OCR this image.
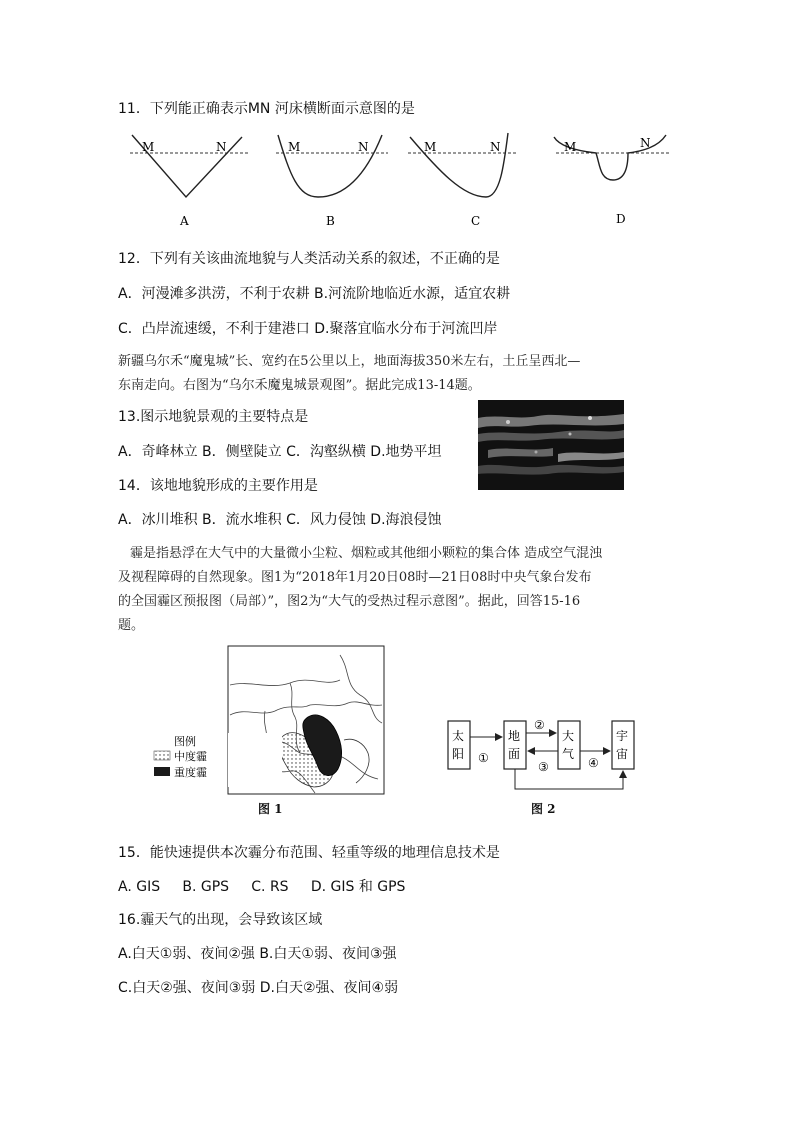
11．下列能正确表示MN 河床横断面示意图的是
M	N
A
M	N
B
M	N
C
M	N
D
12．下列有关该曲流地貌与人类活动关系的叙述，不正确的是
A．河漫滩多洪涝，不利于农耕 B.河流阶地临近水源，适宜农耕
C．凸岸流速缓，不利于建港口 D.聚落宜临水分布于河流凹岸
新疆乌尔禾“魔鬼城”长、宽约在5公里以上，地面海拔350米左右，土丘呈西北—
东南走向。右图为“乌尔禾魔鬼城景观图”。据此完成13-14题。
13.图示地貌景观的主要特点是
A．奇峰林立 B．侧壁陡立 C．沟壑纵横 D.地势平坦
14．该地地貌形成的主要作用是
A．冰川堆积 B．流水堆积 C．风力侵蚀 D.海浪侵蚀
霾是指悬浮在大气中的大量微小尘粒、烟粒或其他细小颗粒的集合体 造成空气混浊
及视程障碍的自然现象。图1为“2018年1月20日08时—21日08时中央气象台发布
的全国霾区预报图（局部）”，图2为“大气的受热过程示意图”。据此，回答15-16
题。
图例
中度霾
重度霾
图 1
太
阳
地
面
大
气
宇
宙
①
②
③	④
图 2
15．能快速提供本次霾分布范围、轻重等级的地理信息技术是
A. GIS     B. GPS     C. RS     D. GIS 和 GPS
16.霾天气的出现，会导致该区域
A.白天①弱、夜间②强 B.白天①弱、夜间③强
C.白天②强、夜间③弱 D.白天②强、夜间④弱
